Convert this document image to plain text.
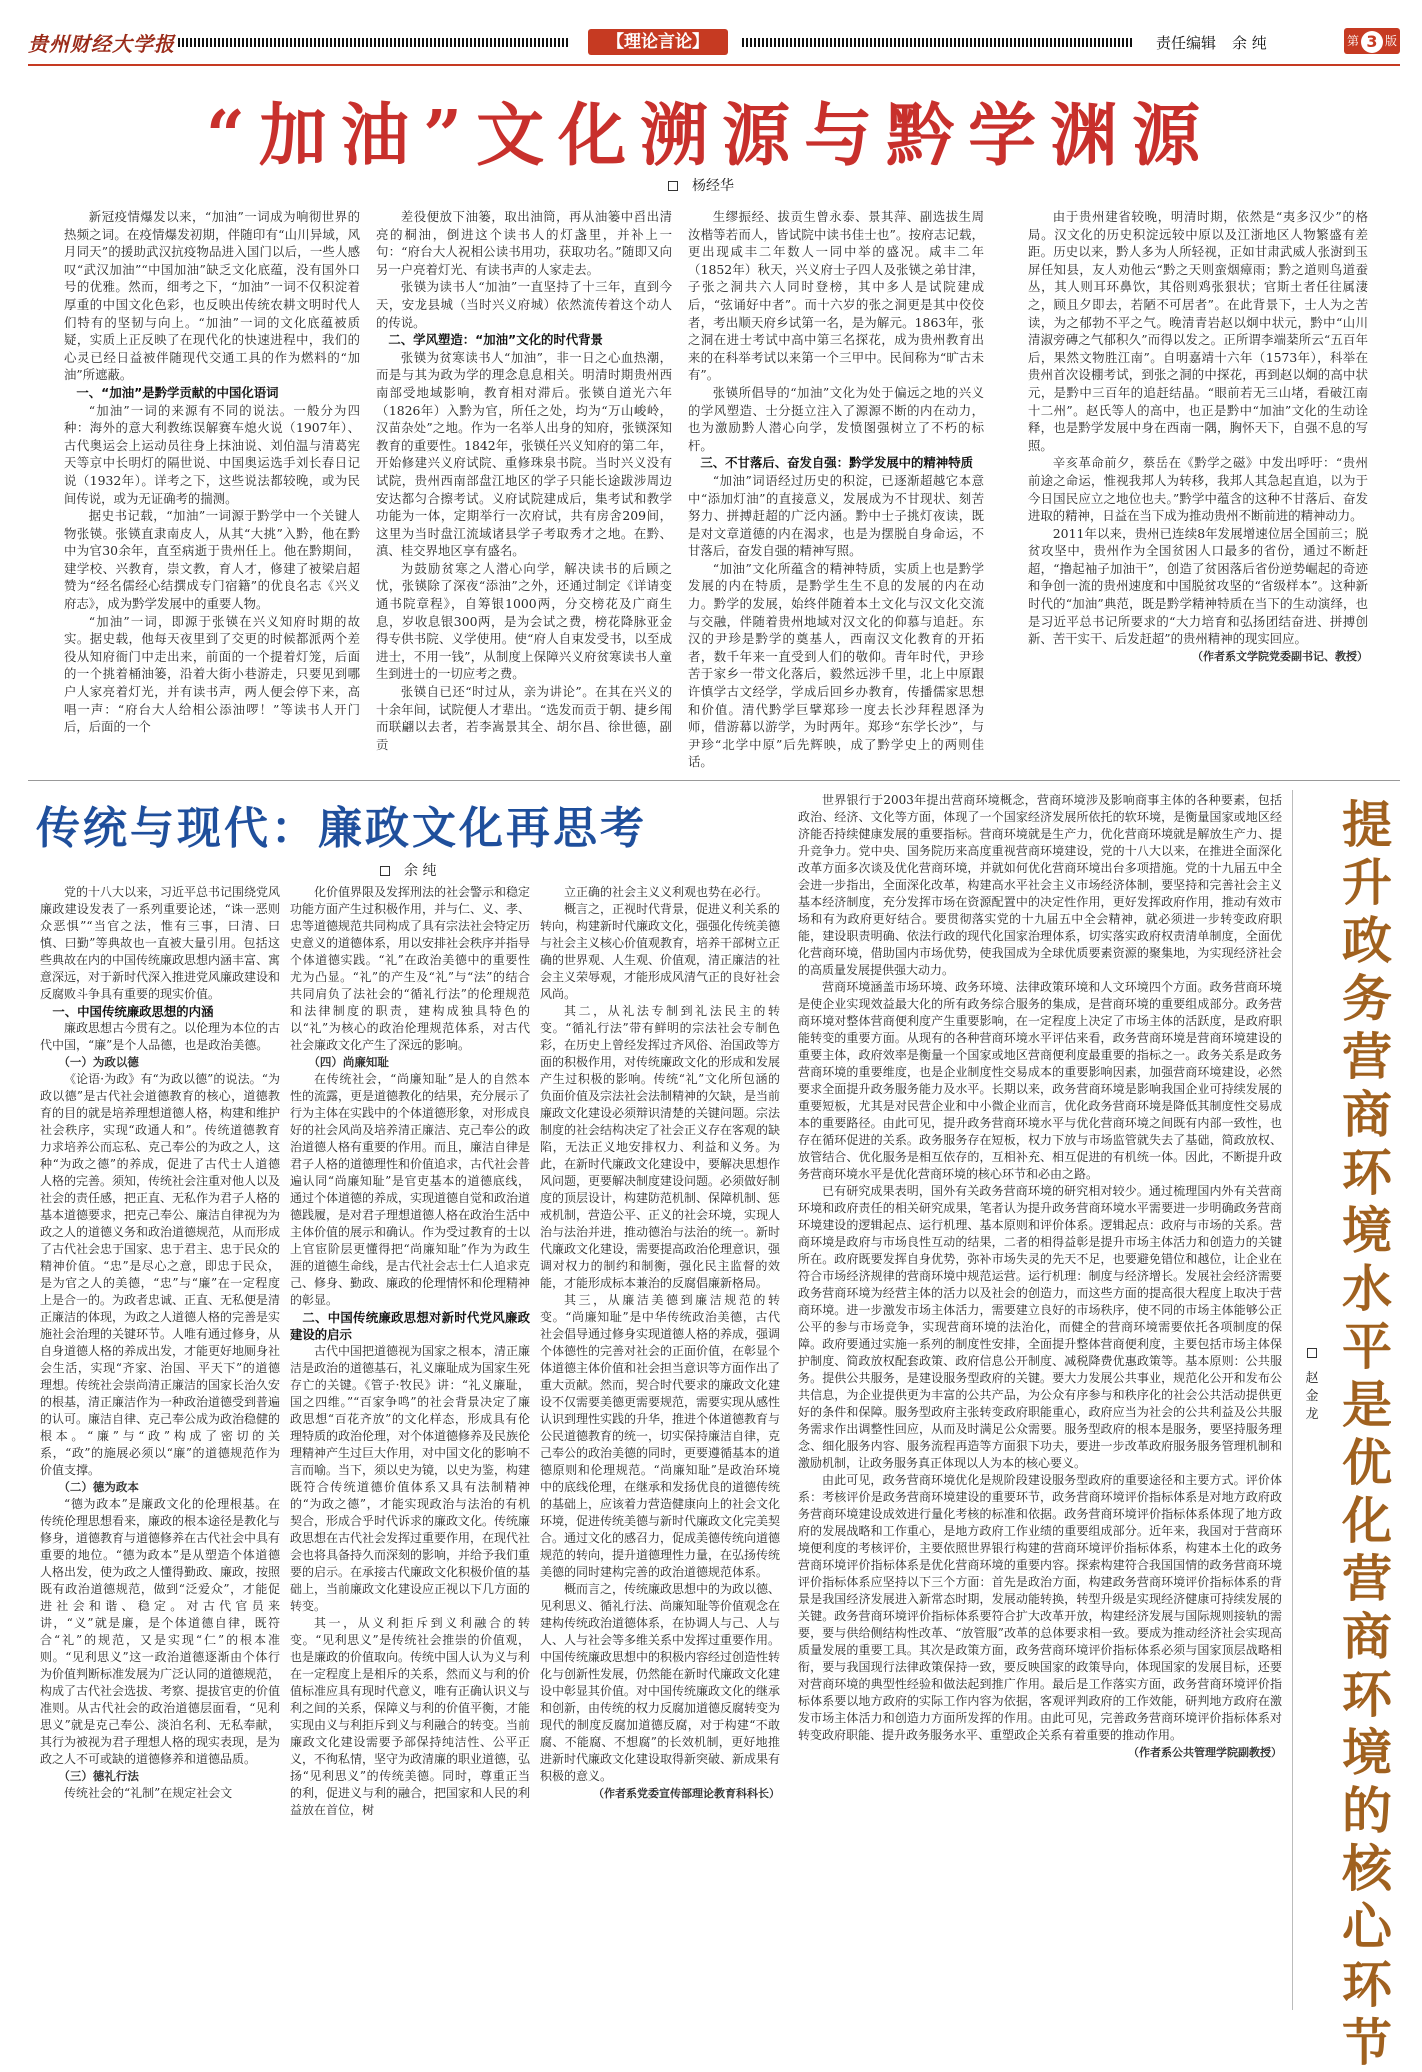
贵州财经大学报	【理论言论】	责任编辑 余 纯	第 3 版
“加油”文化溯源与黔学渊源
杨经华

新冠疫情爆发以来，“加油”一词成为响彻世界的热频之词。在疫情爆发初期，伴随印有“山川异域，风月同天”的援助武汉抗疫物品进入国门以后，一些人感叹“武汉加油”“中国加油”缺乏文化底蕴，没有国外口号的优雅。然而，细考之下，“加油”一词不仅积淀着厚重的中国文化色彩，也反映出传统农耕文明时代人们特有的坚韧与向上。“加油”一词的文化底蕴被质疑，实质上正反映了在现代化的快速进程中，我们的心灵已经日益被伴随现代交通工具的作为燃料的“加油”所遮蔽。

一、“加油”是黔学贡献的中国化语词

“加油”一词的来源有不同的说法。一般分为四种：海外的意大利教练误解赛车熄火说（1907年）、古代奥运会上运动员往身上抹油说、刘伯温与清葛宪天等京中长明灯的隔世说、中国奥运选手刘长春日记说（1932年）。详考之下，这些说法都较晚，或为民间传说，或为无证确考的揣测。

据史书记载，“加油”一词源于黔学中一个关键人物张锳。张锳直隶南皮人，从其“大挑”入黔，他在黔中为官30余年，直至病逝于贵州任上。他在黔期间，建学校、兴教育，崇文教，育人才，修建了被梁启超赞为“经名儒经心结撰成专门宿籍”的优良名志《兴义府志》，成为黔学发展中的重要人物。

“加油”一词，即源于张锳在兴义知府时期的故实。据史载，他每天夜里到了交更的时候都派两个差役从知府衙门中走出来，前面的一个提着灯笼，后面的一个挑着桶油篓，沿着大街小巷游走，只要见到哪户人家亮着灯光，并有读书声，两人便会停下来，高唱一声：“府台大人给相公添油啰！”等读书人开门后，后面的一个

差役便放下油篓，取出油筒，再从油篓中舀出清亮的桐油，倒进这个读书人的灯盏里，并补上一句：“府台大人祝相公读书用功，获取功名。”随即又向另一户亮着灯光、有读书声的人家走去。

张锳为读书人“加油”一直坚持了十三年，直到今天，安龙县城（当时兴义府城）依然流传着这个动人的传说。

二、学风塑造：“加油”文化的时代背景

张锳为贫寒读书人“加油”，非一日之心血热潮，而是与其为政为学的理念息息相关。明清时期贵州西南部受地域影响，教育相对滞后。张锳自道光六年（1826年）入黔为官，所任之处，均为“万山峻岭，汉苗杂处”之地。作为一名举人出身的知府，张锳深知教育的重要性。1842年，张锳任兴义知府的第二年，开始修建兴义府试院、重修珠泉书院。当时兴义没有试院，贵州西南部盘江地区的学子只能长途跋涉周边安达都匀合擦考试。义府试院建成后，集考试和教学功能为一体，定期举行一次府试，共有房舍209间，这里为当时盘江流域诸县学子考取秀才之地。在黔、滇、桂交界地区享有盛名。

为鼓励贫寒之人潜心向学，解决读书的后顾之忧，张锳除了深夜“添油”之外，还通过制定《详请变通书院章程》，自筹银1000两，分交榜花及广商生息，岁收息银300两，是为会试之费，榜花降脉亚金得专供书院、义学使用。使“府人自束发受书，以至成进士，不用一钱”，从制度上保障兴义府贫寒读书人童生到进士的一切应考之费。

张锳自已还“时过从，亲为讲论”。在其在兴义的十余年间，试院便人才辈出。“选发而贡于朝、捷乡闱而联翩以去者，若李嵩景其全、胡尔昌、徐世德，副贡

生缪振经、拔贡生曾永泰、景其萍、副选拔生周汝楷等若而人，皆试院中读书佳士也”。按府志记载，更出现咸丰二年数人一同中举的盛况。咸丰二年（1852年）秋天，兴义府士子四人及张锳之弟甘津，子张之洞共六人同时登榜，其中多人是试院建成后，“弦诵好中者”。而十六岁的张之洞更是其中佼佼者，考出顺天府乡试第一名，是为解元。1863年，张之洞在进士考试中高中第三名探花，成为贵州教育出来的在科举考试以来第一个三甲中。民间称为“旷古未有”。

张锳所倡导的“加油”文化为处于偏远之地的兴义的学风塑造、士分挺立注入了源源不断的内在动力，也为激励黔人潜心向学，发愤图强树立了不朽的标杆。

三、不甘落后、奋发自强：黔学发展中的精神特质

“加油”词语经过历史的积淀，已逐渐超越它本意中“添加灯油”的直接意义，发展成为不甘现状、刻苦努力、拼搏赶超的广泛内涵。黔中士子挑灯夜读，既是对文章道德的内在渴求，也是为摆脱自身命运，不甘落后，奋发自强的精神写照。

“加油”文化所蕴含的精神特质，实质上也是黔学发展的内在特质，是黔学生生不息的发展的内在动力。黔学的发展，始终伴随着本土文化与汉文化交流与交融，伴随着贵州地域对汉文化的仰慕与追赶。东汉的尹珍是黔学的奠基人，西南汉文化教育的开拓者，数千年来一直受到人们的敬仰。青年时代，尹珍苦于家乡一带文化落后，毅然远涉千里，北上中原跟许慎学古文经学，学成后回乡办教育，传播儒家思想和价值。清代黔学巨擘郑珍一度去长沙拜程恩泽为师，借游幕以游学，为时两年。郑珍“东学长沙”，与尹珍“北学中原”后先辉映，成了黔学史上的两则佳话。

由于贵州建省较晚，明清时期，依然是“夷多汉少”的格局。汉文化的历史积淀远较中原以及江浙地区人物繁盛有差距。历史以来，黔人多为人所轻视，正如甘肃武威人张澍到玉屏任知县，友人劝他云“黔之天则蛮烟瘴雨；黔之道则鸟道蚕丛，其人则耳环鼻饮，其俗则鸡张狠状；官斯土者任往属淒之，顾且夕即去，若陋不可居者”。在此背景下，士人为之苦读，为之郁勃不平之气。晚清青岩赵以炯中状元，黔中“山川清淑旁磚之气郁积久”而得以发之。正所谓李端棻所云“五百年后，果然文物胜江南”。自明嘉靖十六年（1573年），科举在贵州首次设棚考试，到张之洞的中探花，再到赵以炯的高中状元，是黔中三百年的追赶结晶。“眼前若无三山堵，看破江南十二州”。赵氏等人的高中，也正是黔中“加油”文化的生动诠释，也是黔学发展中身在西南一隅，胸怀天下，自强不息的写照。

辛亥革命前夕，蔡岳在《黔学之磁》中发出呼吁：“贵州前途之命运，惟视我邦人为转移，我邦人其急起直追，以为于今日国民应立之地位也夫。”黔学中蕴含的这种不甘落后、奋发进取的精神，日益在当下成为推动贵州不断前进的精神动力。

2011年以来，贵州已连续8年发展增速位居全国前三；脱贫攻坚中，贵州作为全国贫困人口最多的省份，通过不断赶超，“撸起袖子加油干”，创造了贫困落后省份逆势崛起的奇迹和争创一流的贵州速度和中国脱贫攻坚的“省级样本”。这种新时代的“加油”典范，既是黔学精神特质在当下的生动演绎，也是习近平总书记所要求的“大力培育和弘扬团结奋进、拼搏创新、苦干实干、后发赶超”的贵州精神的现实回应。

（作者系文学院党委副书记、教授）

传统与现代：廉政文化再思考
余 纯

党的十八大以来，习近平总书记围绕党风廉政建设发表了一系列重要论述，“诛一恶则众恶惧”“当官之法，惟有三事，曰清、曰慎、曰勤”等典故也一直被大量引用。包括这些典故在内的中国传统廉政思想内涵丰富、寓意深远，对于新时代深入推进党风廉政建设和反腐败斗争具有重要的现实价值。

一、中国传统廉政思想的内涵

廉政思想古今贯有之。以伦理为本位的古代中国，“廉”是个人品德，也是政治美德。

（一）为政以德

《论语·为政》有“为政以德”的说法。“为政以德”是古代社会道德教育的核心，道德教育的目的就是培养理想道德人格，构建和维护社会秩序，实现“政通人和”。传统道德教育力求培养公而忘私、克己奉公的为政之人，这种“为政之德”的养成，促进了古代士人道德人格的完善。须知，传统社会注重对他人以及社会的责任感，把正直、无私作为君子人格的基本道德要求，把克己奉公、廉洁自律视为为政之人的道德义务和政治道德规范，从而形成了古代社会忠于国家、忠于君主、忠于民众的精神价值。“忠”是尽心之意，即忠于民众，是为官之人的美德，“忠”与“廉”在一定程度上是合一的。为政者忠诚、正直、无私便是清正廉洁的体现，为政之人道德人格的完善是实施社会治理的关键环节。人唯有通过修身，从自身道德人格的养成出发，才能更好地厕身社会生活，实现“齐家、治国、平天下”的道德理想。传统社会崇尚清正廉洁的国家长治久安的根基，清正廉洁作为一种政治道德受到普遍的认可。廉洁自律、克己奉公成为政治稳健的根本。“廉”与“政”构成了密切的关系，“政”的施展必须以“廉”的道德规范作为价值支撑。

（二）德为政本

“德为政本”是廉政文化的伦理根基。在传统伦理思想看来，廉政的根本途径是教化与修身，道德教育与道德修养在古代社会中具有重要的地位。“德为政本”是从塑造个体道德人格出发，使为政之人懂得勤政、廉政，按照既有政治道德规范，做到“泛爱众”，才能促进社会和谐、稳定。对古代官员来讲，“义”就是廉，是个体道德自律，既符合“礼”的规范，又是实现“仁”的根本准则。“见利思义”这一政治道德逐渐由个体行为价值判断标准发展为广泛认同的道德规范，构成了古代社会选拔、考察、提拔官吏的价值准则。从古代社会的政治道德层面看，“见利思义”就是克己奉公、淡泊名利、无私奉献，其行为被视为君子理想人格的现实表现，是为政之人不可或缺的道德修养和道德品质。

（三）德礼行法

传统社会的“礼制”在规定社会文

化价值界限及发挥刑法的社会警示和稳定功能方面产生过积极作用，并与仁、义、孝、忠等道德规范共同构成了具有宗法社会特定历史意义的道德体系，用以安排社会秩序并指导个体道德实践。“礼”在政治美德中的重要性尤为凸显。“礼”的产生及“礼”与“法”的结合共同肩负了法社会的“循礼行法”的伦理规范和法律制度的职责，建构成独具特色的以“礼”为核心的政治伦理规范体系，对古代社会廉政文化产生了深远的影响。

（四）尚廉知耻

在传统社会，“尚廉知耻”是人的自然本性的流露，更是道德教化的结果，充分展示了行为主体在实践中的个体道德形象，对形成良好的社会风尚及培养清正廉洁、克己奉公的政治道德人格有重要的作用。而且，廉洁自律是君子人格的道德理性和价值追求，古代社会普遍认同“尚廉知耻”是官吏基本的道德底线，通过个体道德的养成，实现道德自觉和政治道德践履，是对君子理想道德人格在政治生活中主体价值的展示和确认。作为受过教育的士以上官宦阶层更懂得把“尚廉知耻”作为为政生涯的道德生命线，是古代社会志士仁人追求克己、修身、勤政、廉政的伦理情怀和伦理精神的彰显。

二、中国传统廉政思想对新时代党风廉政建设的启示

古代中国把道德视为国家之根本，清正廉洁是政治的道德基石，礼义廉耻成为国家生死存亡的关键。《管子·牧民》讲：“礼义廉耻，国之四维。”“百家争鸣”的社会背景决定了廉政思想“百花齐放”的文化样态，形成具有伦理特质的政治伦理，对个体道德修养及民族伦理精神产生过巨大作用，对中国文化的影响不言而喻。当下，须以史为镜，以史为鉴，构建既符合传统道德价值体系又具有法制精神的“为政之德”，才能实现政治与法治的有机契合，形成合乎时代诉求的廉政文化。传统廉政思想在古代社会发挥过重要作用，在现代社会也将具备持久而深刻的影响，并给予我们重要的启示。在承接古代廉政文化积极价值的基础上，当前廉政文化建设应正视以下几方面的转变。

其一，从义利拒斥到义利融合的转变。“见利思义”是传统社会推崇的价值观，也是廉政的价值取向。传统中国人认为义与利在一定程度上是相斥的关系，然而义与利的价值标准应具有现时代意义，唯有正确认识义与利之间的关系，保障义与利的价值平衡，才能实现由义与利拒斥到义与利融合的转变。当前廉政文化建设需要予部保持纯洁性、公平正义，不徇私情，坚守为政清廉的职业道德，弘扬“见利思义”的传统美德。同时，尊重正当的利，促进义与利的融合，把国家和人民的利益放在首位，树

立正确的社会主义义利观也势在必行。

概言之，正视时代背景，促进义利关系的转向，构建新时代廉政文化，强强化传统美德与社会主义核心价值观教育，培养干部树立正确的世界观、人生观、价值观，清正廉洁的社会主义荣辱观，才能形成风清气正的良好社会风尚。

其二，从礼法专制到礼法民主的转变。“循礼行法”带有鲜明的宗法社会专制色彩，在历史上曾经发挥过齐风俗、治国政等方面的积极作用，对传统廉政文化的形成和发展产生过积极的影响。传统“礼”文化所包涵的负面价值及宗法社会法制精神的欠缺，是当前廉政文化建设必须辩识清楚的关键问题。宗法制度的社会结构决定了社会正义存在客观的缺陷，无法正义地安排权力、利益和义务。为此，在新时代廉政文化建设中，要解决思想作风问题，更要解决制度建设问题。必须做好制度的顶层设计，构建防范机制、保障机制、惩戒机制，营造公平、正义的社会环境，实现人治与法治并进，推动德治与法治的统一。新时代廉政文化建设，需要提高政治伦理意识，强调对权力的制约和制衡，强化民主监督的效能，才能形成标本兼治的反腐倡廉新格局。

其三，从廉洁美德到廉洁规范的转变。“尚廉知耻”是中华传统政治美德，古代社会倡导通过修身实现道德人格的养成，强调个体德性的完善对社会的正面价值，在彰显个体道德主体价值和社会担当意识等方面作出了重大贡献。然而，契合时代要求的廉政文化建设不仅需要美德更需要规范，需要实现从感性认识到理性实践的升华，推进个体道德教育与公民道德教育的统一，切实保持廉洁自律，克己奉公的政治美德的同时，更要遵循基本的道德原则和伦理规范。“尚廉知耻”是政治环境中的底线伦理，在继承和发扬优良的道德传统的基础上，应该着力营造健康向上的社会文化环境，促进传统美德与新时代廉政文化完美契合。通过文化的感召力，促成美德传统向道德规范的转向，提升道德理性力量，在弘扬传统美德的同时建构完善的政治道德规范体系。

概而言之，传统廉政思想中的为政以德、见利思义、循礼行法、尚廉知耻等价值观念在建构传统政治道德体系，在协调人与己、人与人、人与社会等多维关系中发挥过重要作用。中国传统廉政思想中的积极内容经过创造性转化与创新性发展，仍然能在新时代廉政文化建设中彰显其价值。对中国传统廉政文化的继承和创新，由传统的权力反腐加道德反腐转变为现代的制度反腐加道德反腐，对于构建“不敢腐、不能腐、不想腐”的长效机制，更好地推进新时代廉政文化建设取得新突破、新成果有积极的意义。

（作者系党委宣传部理论教育科科长）

世界银行于2003年提出营商环境概念，营商环境涉及影响商事主体的各种要素，包括政治、经济、文化等方面，体现了一个国家经济发展所依托的软环境，是衡量国家或地区经济能否持续健康发展的重要指标。营商环境就是生产力，优化营商环境就是解放生产力、提升竞争力。党中央、国务院历来高度重视营商环境建设，党的十八大以来，在推进全面深化改革方面多次谈及优化营商环境，并就如何优化营商环境出台多项措施。党的十九届五中全会进一步指出，全面深化改革，构建高水平社会主义市场经济体制，要坚持和完善社会主义基本经济制度，充分发挥市场在资源配置中的决定性作用，更好发挥政府作用，推动有效市场和有为政府更好结合。要贯彻落实党的十九届五中全会精神，就必须进一步转变政府职能，建设职责明确、依法行政的现代化国家治理体系，切实落实政府权责清单制度，全面优化营商环境，借助国内市场优势，使我国成为全球优质要素资源的聚集地，为实现经济社会的高质量发展提供强大动力。

营商环境涵盖市场环境、政务环境、法律政策环境和人文环境四个方面。政务营商环境是使企业实现效益最大化的所有政务综合服务的集成，是营商环境的重要组成部分。政务营商环境对整体营商便利度产生重要影响，在一定程度上决定了市场主体的活跃度，是政府职能转变的重要方面。从现有的各种营商环境水平评估来看，政务营商环境是营商环境建设的重要主体，政府效率是衡量一个国家或地区营商便利度最重要的指标之一。政务关系是政务营商环境的重要维度，也是企业制度性交易成本的重要影响因素，加强营商环境建设，必然要求全面提升政务服务能力及水平。长期以来，政务营商环境是影响我国企业可持续发展的重要短板，尤其是对民营企业和中小微企业而言，优化政务营商环境是降低其制度性交易成本的重要路径。由此可见，提升政务营商环境水平与优化营商环境之间既有内部一致性，也存在循环促进的关系。政务服务存在短板，权力下放与市场监管就失去了基础，简政放权、放管结合、优化服务是相互依存的，互相补充、相互促进的有机统一体。因此，不断提升政务营商环境水平是优化营商环境的核心环节和必由之路。

已有研究成果表明，国外有关政务营商环境的研究相对较少。通过梳理国内外有关营商环境和政府责任的相关研究成果，笔者认为提升政务营商环境水平需要进一步明确政务营商环境建设的逻辑起点、运行机理、基本原则和评价体系。逻辑起点：政府与市场的关系。营商环境是政府与市场良性互动的结果，二者的相得益彰是提升市场主体活力和创造力的关键所在。政府既要发挥自身优势，弥补市场失灵的先天不足，也要避免错位和越位，让企业在符合市场经济规律的营商环境中规范运营。运行机理：制度与经济增长。发展社会经济需要政务营商环境为经营主体的活力以及社会的创造力，而这些方面的提高很大程度上取决于营商环境。进一步激发市场主体活力，需要建立良好的市场秩序，使不同的市场主体能够公正公平的参与市场竞争，实现营商环境的法治化，而健全的营商环境需要依托各项制度的保障。政府要通过实施一系列的制度性安排，全面提升整体营商便利度，主要包括市场主体保护制度、简政放权配套政策、政府信息公开制度、减税降费优惠政策等。基本原则：公共服务。提供公共服务，是建设服务型政府的关键。要大力发展公共事业，规范化公开和发布公共信息，为企业提供更为丰富的公共产品，为公众有序参与和秩序化的社会公共活动提供更好的条件和保障。服务型政府主张转变政府职能重心，政府应当为社会的公共利益及公共服务需求作出调整性回应，从而及时满足公众需要。服务型政府的根本是服务，要坚持服务理念、细化服务内容、服务流程再造等方面狠下功夫，要进一步改革政府服务服务管理机制和激励机制，让政务服务真正体现以人为本的核心要义。

由此可见，政务营商环境优化是规阶段建设服务型政府的重要途径和主要方式。评价体系：考核评价是政务营商环境建设的重要环节，政务营商环境评价指标体系是对地方政府政务营商环境建设成效进行量化考核的标准和依据。政务营商环境评价指标体系体现了地方政府的发展战略和工作重心，是地方政府工作业绩的重要组成部分。近年来，我国对于营商环境便利度的考核评价，主要依照世界银行构建的营商环境评价指标体系，构建本土化的政务营商环境评价指标体系是优化营商环境的重要内容。探索构建符合我国国情的政务营商环境评价指标体系应坚持以下三个方面：首先是政治方面，构建政务营商环境评价指标体系的背景是我国经济发展进入新常态时期，发展动能转换，转型升级是实现经济健康可持续发展的关键。政务营商环境评价指标体系要符合扩大改革开放，构建经济发展与国际规则接轨的需要，要与供给侧结构性改革、“放管服”改革的总体要求相一致。要成为推动经济社会实现高质量发展的重要工具。其次是政策方面，政务营商环境评价指标体系必须与国家顶层战略相衔，要与我国现行法律政策保持一致，要反映国家的政策导向，体现国家的发展目标，还要对营商环境的典型性经验和做法起到推广作用。最后是工作落实方面，政务营商环境评价指标体系要以地方政府的实际工作内容为依据，客观评判政府的工作效能，研判地方政府在激发市场主体活力和创造力方面所发挥的作用。由此可见，完善政务营商环境评价指标体系对转变政府职能、提升政务服务水平、重塑政企关系有着重要的推动作用。

（作者系公共管理学院副教授）

赵金龙
提升政务营商环境水平是优化营商环境的核心环节
